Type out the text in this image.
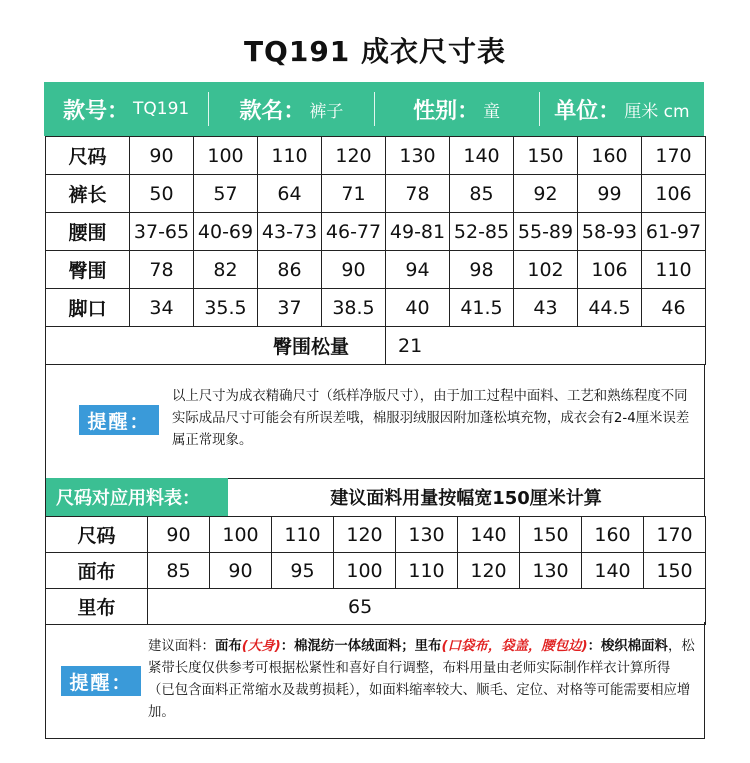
TQ191 成衣尺寸表
款号： TQ191 款名： 裤子	性别： 童 单位： 厘米 cm
尺码	90	100	110	120	130	140	150	160	170
裤长	50	57	64	71	78	85	92	99	106
腰围	37-65	40-69	43-73	46-77	49-81	52-85	55-89	58-93	61-97
臀围	78	82	86	90	94	98	102	106	110
脚口	34	35.5	37	38.5	40	41.5	43	44.5	46
臀围松量					21				
提醒：

以上尺寸为成衣精确尺寸（纸样净版尺寸），由于加工过程中面料、工艺和熟练程度不同实际成品尺寸可能会有所误差哦，棉服羽绒服因附加蓬松填充物，成衣会有2-4厘米误差属正常现象。

尺码对应用料表：	建议面料用量按幅宽150厘米计算
尺码	90	100	110	120	130	140	150	160	170
面布	85	90	95	100	110	120	130	140	150
里布	65								
提醒：

建议面料：面布(大身)：棉混纺一体绒面料；里布(口袋布，袋盖，腰包边)：梭织棉面料，松紧带长度仅供参考可根据松紧性和喜好自行调整，布料用量由老师实际制作样衣计算所得（已包含面料正常缩水及裁剪损耗），如面料缩率较大、顺毛、定位、对格等可能需要相应增加。
